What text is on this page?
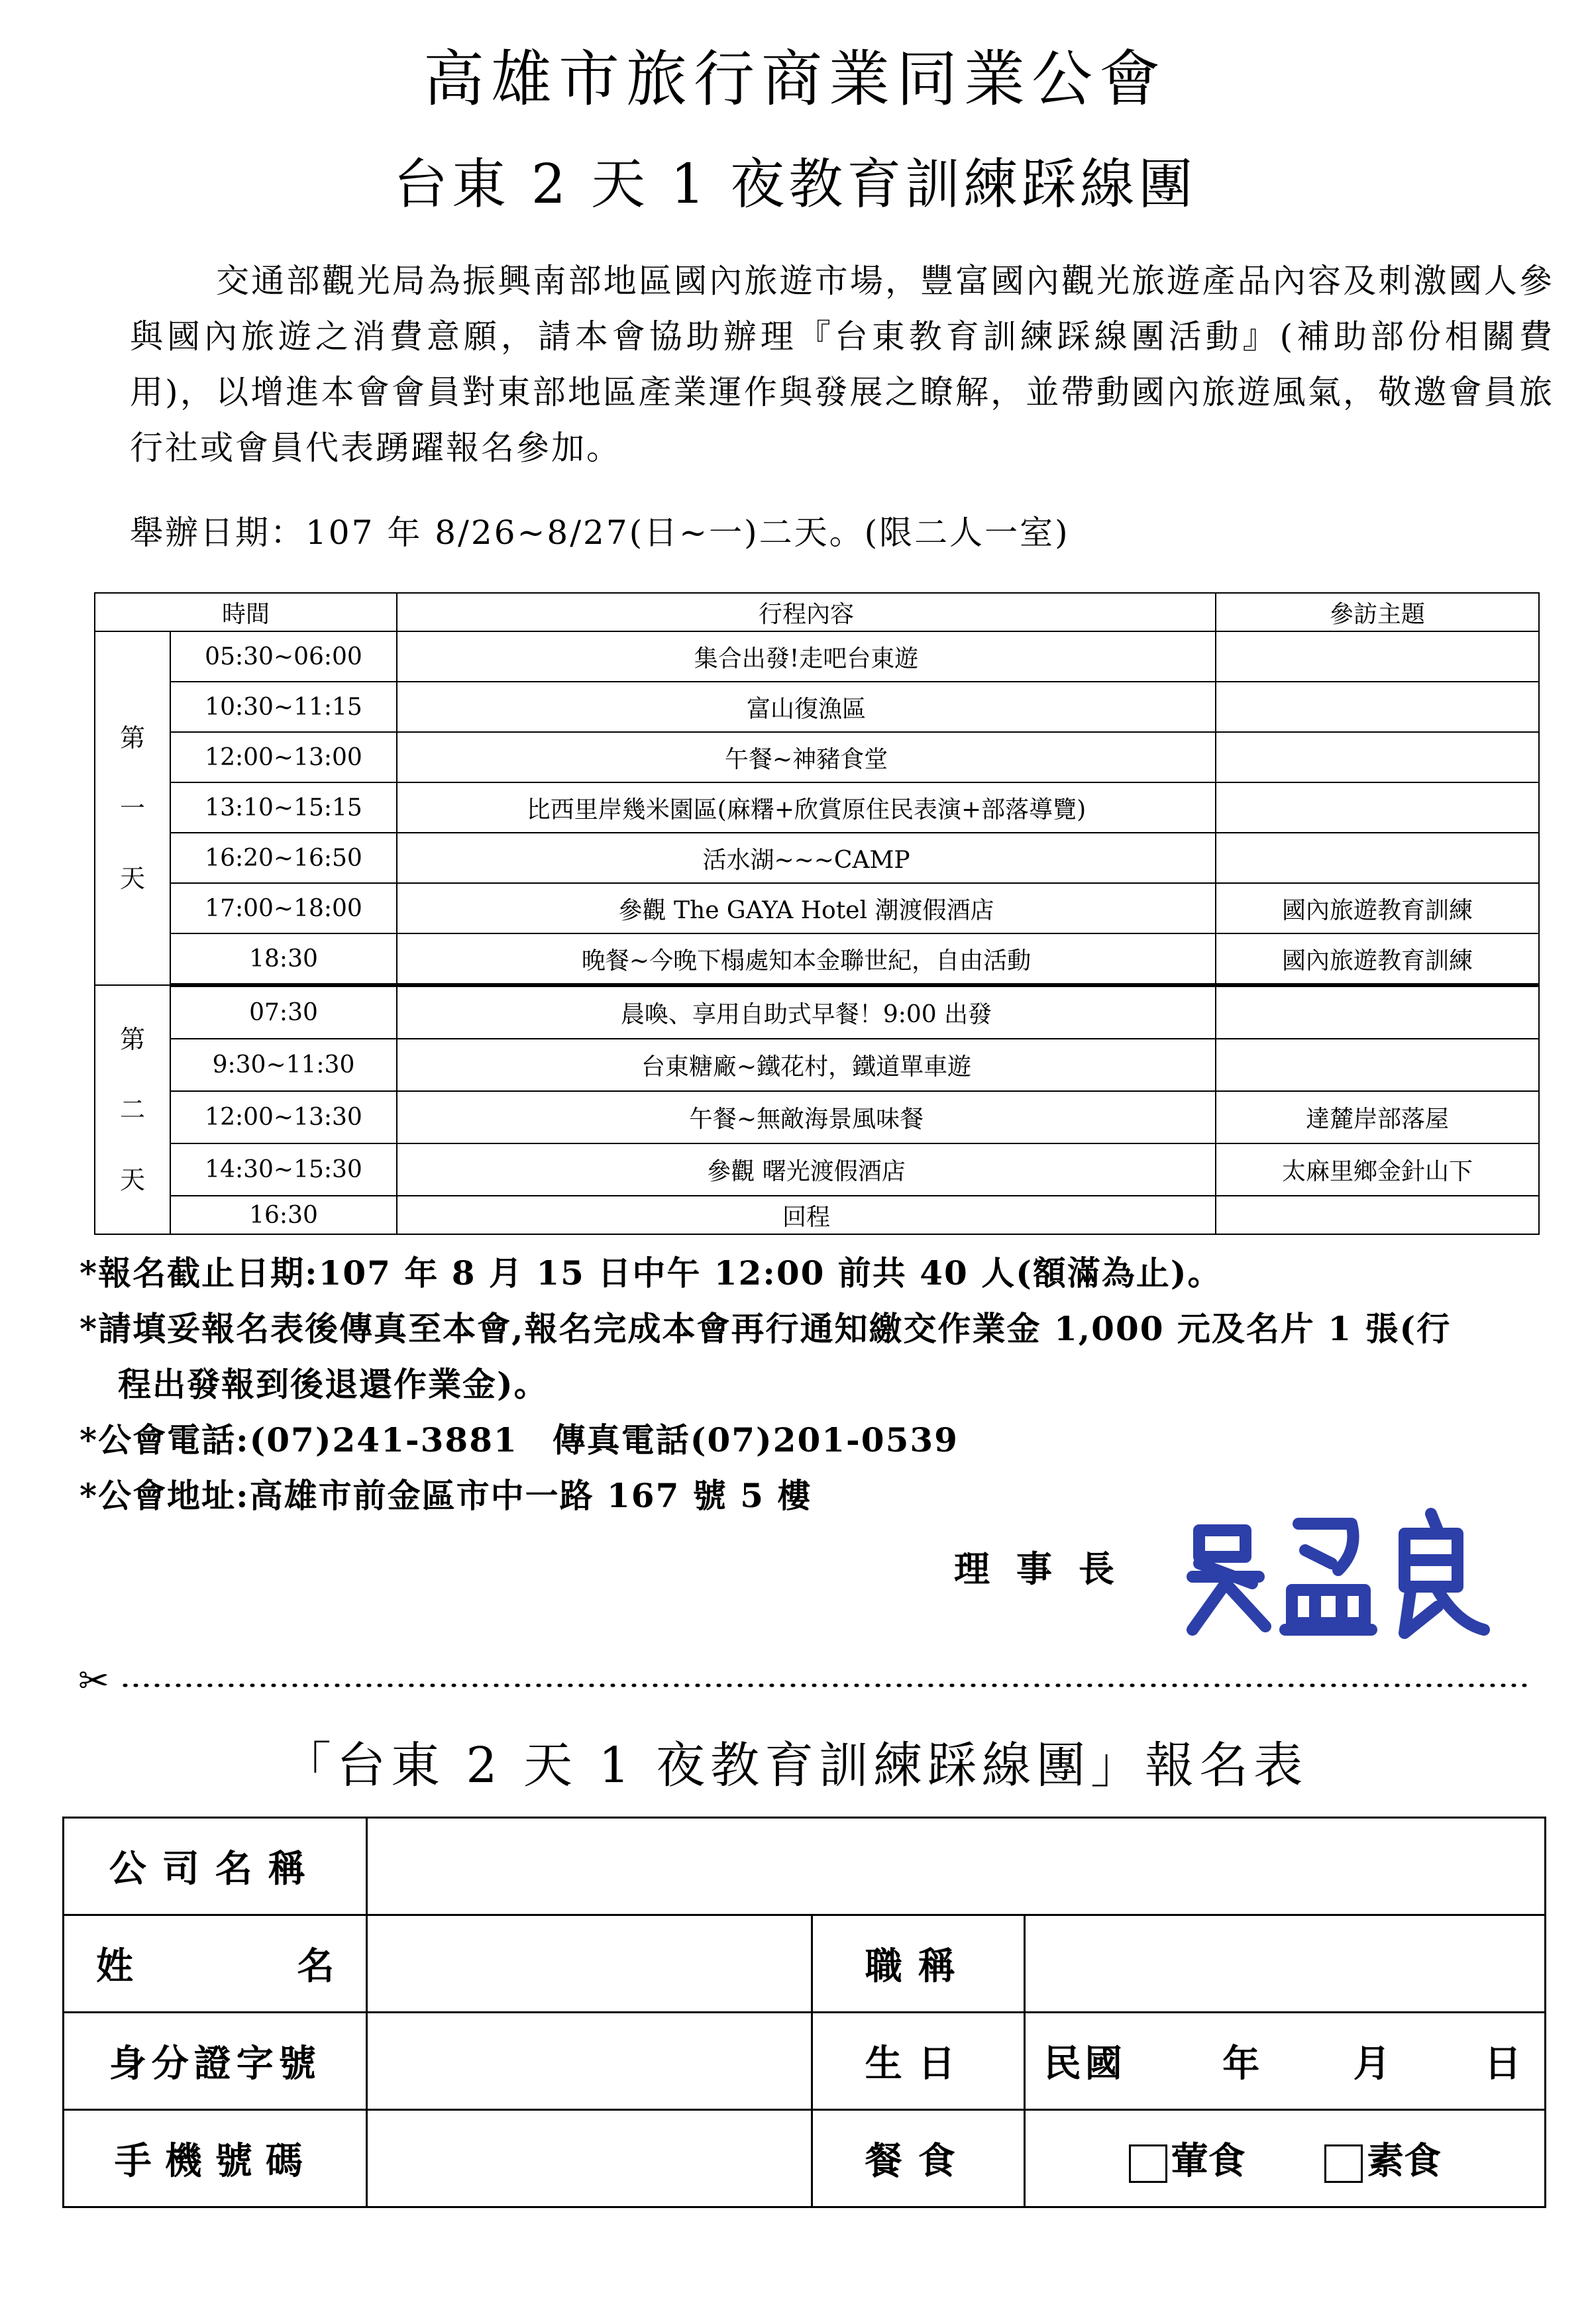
高雄市旅行商業同業公會
台東 2 天 1 夜教育訓練踩線團

交通部觀光局為振興南部地區國內旅遊市場，豐富國內觀光旅遊產品內容及刺激國人參與國內旅遊之消費意願，請本會協助辦理『台東教育訓練踩線團活動』(補助部份相關費用)，以增進本會會員對東部地區產業運作與發展之瞭解，並帶動國內旅遊風氣，敬邀會員旅行社或會員代表踴躍報名參加。

舉辦日期：107 年 8/26~8/27(日~一)二天。(限二人一室)
時間		行程內容	參訪主題

第
一
天	05:30~06:00	集合出發!走吧台東遊	
	10:30~11:15	富山復漁區	
	12:00~13:00	午餐~神豬食堂	
	13:10~15:15	比西里岸幾米園區(麻糬+欣賞原住民表演+部落導覽)	
	16:20~16:50	活水湖~~~CAMP	
	17:00~18:00	參觀 The GAYA Hotel 潮渡假酒店	國內旅遊教育訓練
	18:30	晚餐~今晚下榻處知本金聯世紀，自由活動	國內旅遊教育訓練

第
二
天	07:30	晨喚、享用自助式早餐！9:00 出發	
	9:30~11:30	台東糖廠~鐵花村，鐵道單車遊	
	12:00~13:30	午餐~無敵海景風味餐	達麓岸部落屋
	14:30~15:30	參觀 曙光渡假酒店	太麻里鄉金針山下
	16:30	回程	
*報名截止日期:107 年 8 月 15 日中午 12:00 前共 40 人(額滿為止)。
*請填妥報名表後傳真至本會,報名完成本會再行通知繳交作業金 1,000 元及名片 1 張(行
程出發報到後退還作業金)。
*公會電話:(07)241-3881　傳真電話(07)201-0539
*公會地址:高雄市前金區市中一路 167 號 5 樓
理事長
✂
「台東 2 天 1 夜教育訓練踩線團」報名表
公司名稱			
姓名		職稱	
身分證字號		生日	民國 年 月 日
手機號碼		餐食	葷食 素食
